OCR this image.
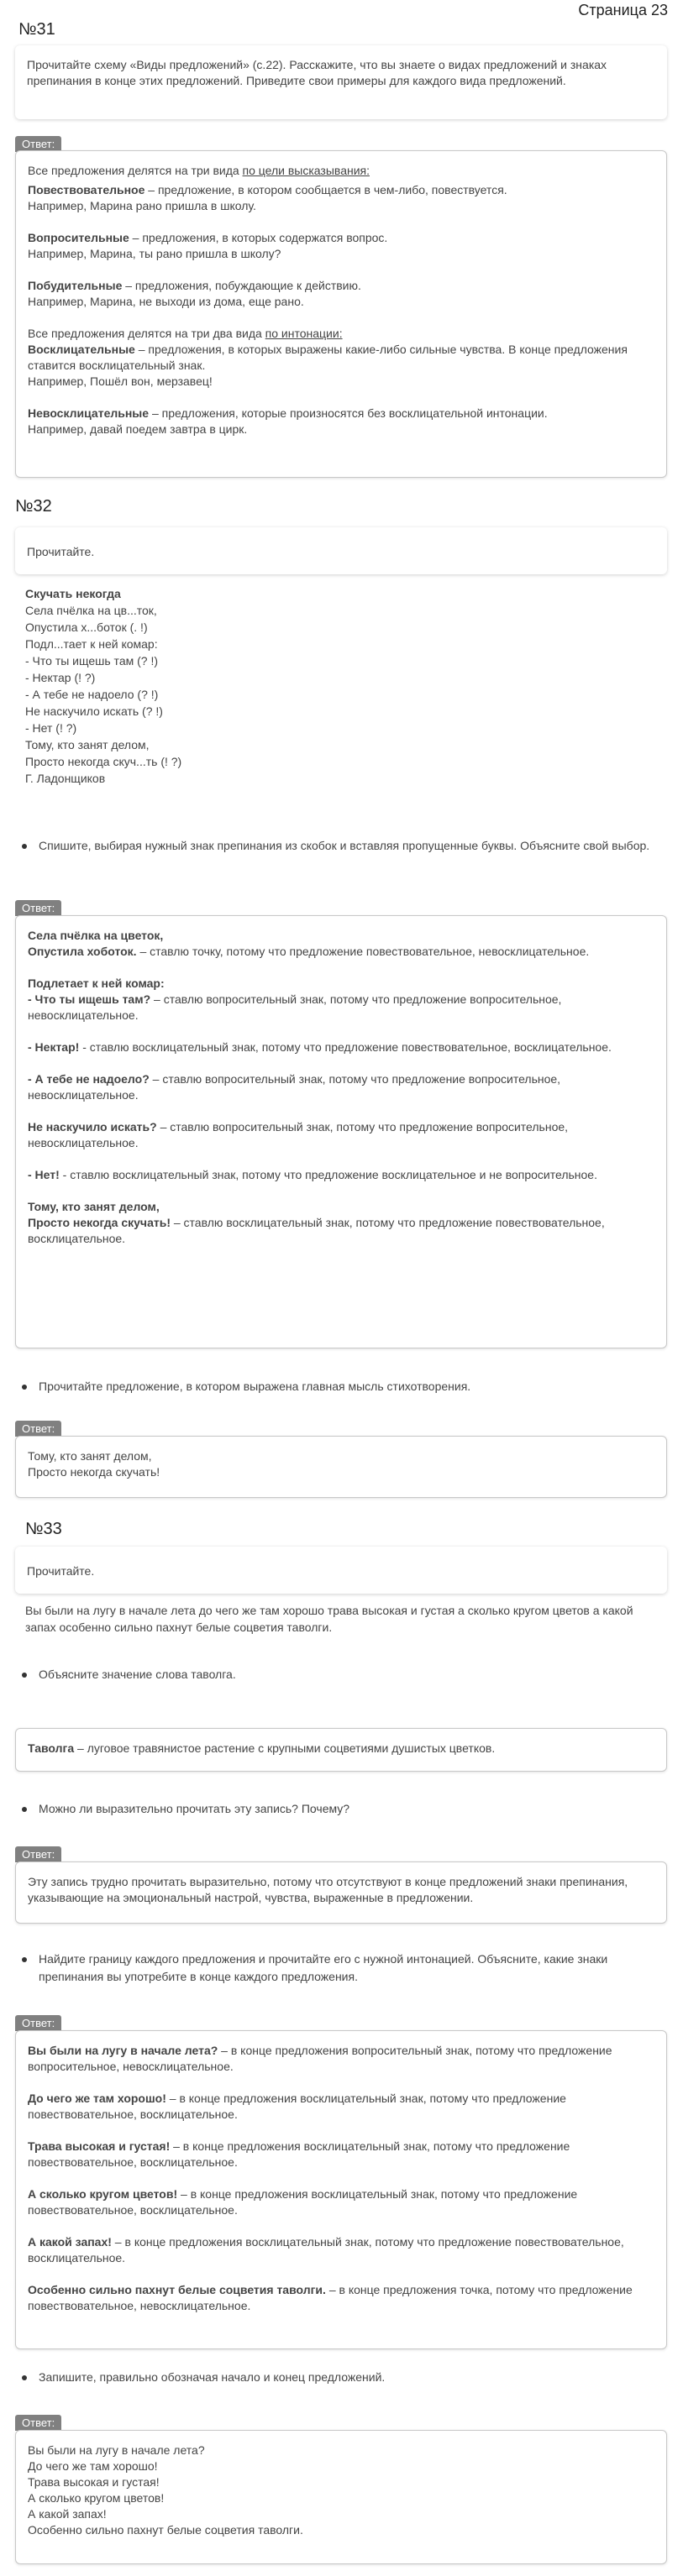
Страница 23
№31
Прочитайте схему «Виды предложений» (с.22). Расскажите, что вы знаете о видах предложений и знаках препинания в конце этих предложений. Приведите свои примеры для каждого вида предложений.
Ответ:
Все предложения делятся на три вида по цели высказывания:
Повествовательное – предложение, в котором сообщается в чем-либо, повествуется.
Например, Марина рано пришла в школу.
Вопросительные – предложения, в которых содержатся вопрос.
Например, Марина, ты рано пришла в школу?
Побудительные – предложения, побуждающие к действию.
Например, Марина, не выходи из дома, еще рано.
Все предложения делятся на три два вида по интонации:
Восклицательные – предложения, в которых выражены какие-либо сильные чувства. В конце предложения ставится восклицательный знак.
Например, Пошёл вон, мерзавец!
Невосклицательные – предложения, которые произносятся без восклицательной интонации.
Например, давай поедем завтра в цирк.
№32
Прочитайте.
Скучать некогда
Села пчёлка на цв...ток,
Опустила х...боток (. !)
Подл...тает к ней комар:
- Что ты ищешь там (? !)
- Нектар (! ?)
- А тебе не надоело (? !)
Не наскучило искать (? !)
- Нет (! ?)
Тому, кто занят делом,
Просто некогда скуч...ть (! ?)
Г. Ладонщиков
Спишите, выбирая нужный знак препинания из скобок и вставляя пропущенные буквы. Объясните свой выбор.
Ответ:
Села пчёлка на цветок,
Опустила хоботок. – ставлю точку, потому что предложение повествовательное, невосклицательное.
Подлетает к ней комар:
- Что ты ищешь там? – ставлю вопросительный знак, потому что предложение вопросительное, невосклицательное.
- Нектар! - ставлю восклицательный знак, потому что предложение повествовательное, восклицательное.
- А тебе не надоело? – ставлю вопросительный знак, потому что предложение вопросительное, невосклицательное.
Не наскучило искать? – ставлю вопросительный знак, потому что предложение вопросительное, невосклицательное.
- Нет! - ставлю восклицательный знак, потому что предложение восклицательное и не вопросительное.
Тому, кто занят делом,
Просто некогда скучать! – ставлю восклицательный знак, потому что предложение повествовательное, восклицательное.
Прочитайте предложение, в котором выражена главная мысль стихотворения.
Ответ:
Тому, кто занят делом,
Просто некогда скучать!
№33
Прочитайте.
Вы были на лугу в начале лета до чего же там хорошо трава высокая и густая а сколько кругом цветов а какой запах особенно сильно пахнут белые соцветия таволги.
Объясните значение слова таволга.
Таволга – луговое травянистое растение с крупными соцветиями душистых цветков.
Можно ли выразительно прочитать эту запись? Почему?
Ответ:
Эту запись трудно прочитать выразительно, потому что отсутствуют в конце предложений знаки препинания, указывающие на эмоциональный настрой, чувства, выраженные в предложении.
Найдите границу каждого предложения и прочитайте его с нужной интонацией. Объясните, какие знаки препинания вы употребите в конце каждого предложения.
Ответ:
Вы были на лугу в начале лета? – в конце предложения вопросительный знак, потому что предложение вопросительное, невосклицательное.
До чего же там хорошо! – в конце предложения восклицательный знак, потому что предложение повествовательное, восклицательное.
Трава высокая и густая! – в конце предложения восклицательный знак, потому что предложение повествовательное, восклицательное.
А сколько кругом цветов! – в конце предложения восклицательный знак, потому что предложение повествовательное, восклицательное.
А какой запах! – в конце предложения восклицательный знак, потому что предложение повествовательное, восклицательное.
Особенно сильно пахнут белые соцветия таволги. – в конце предложения точка, потому что предложение повествовательное, невосклицательное.
Запишите, правильно обозначая начало и конец предложений.
Ответ:
Вы были на лугу в начале лета?
До чего же там хорошо!
Трава высокая и густая!
А сколько кругом цветов!
А какой запах!
Особенно сильно пахнут белые соцветия таволги.
